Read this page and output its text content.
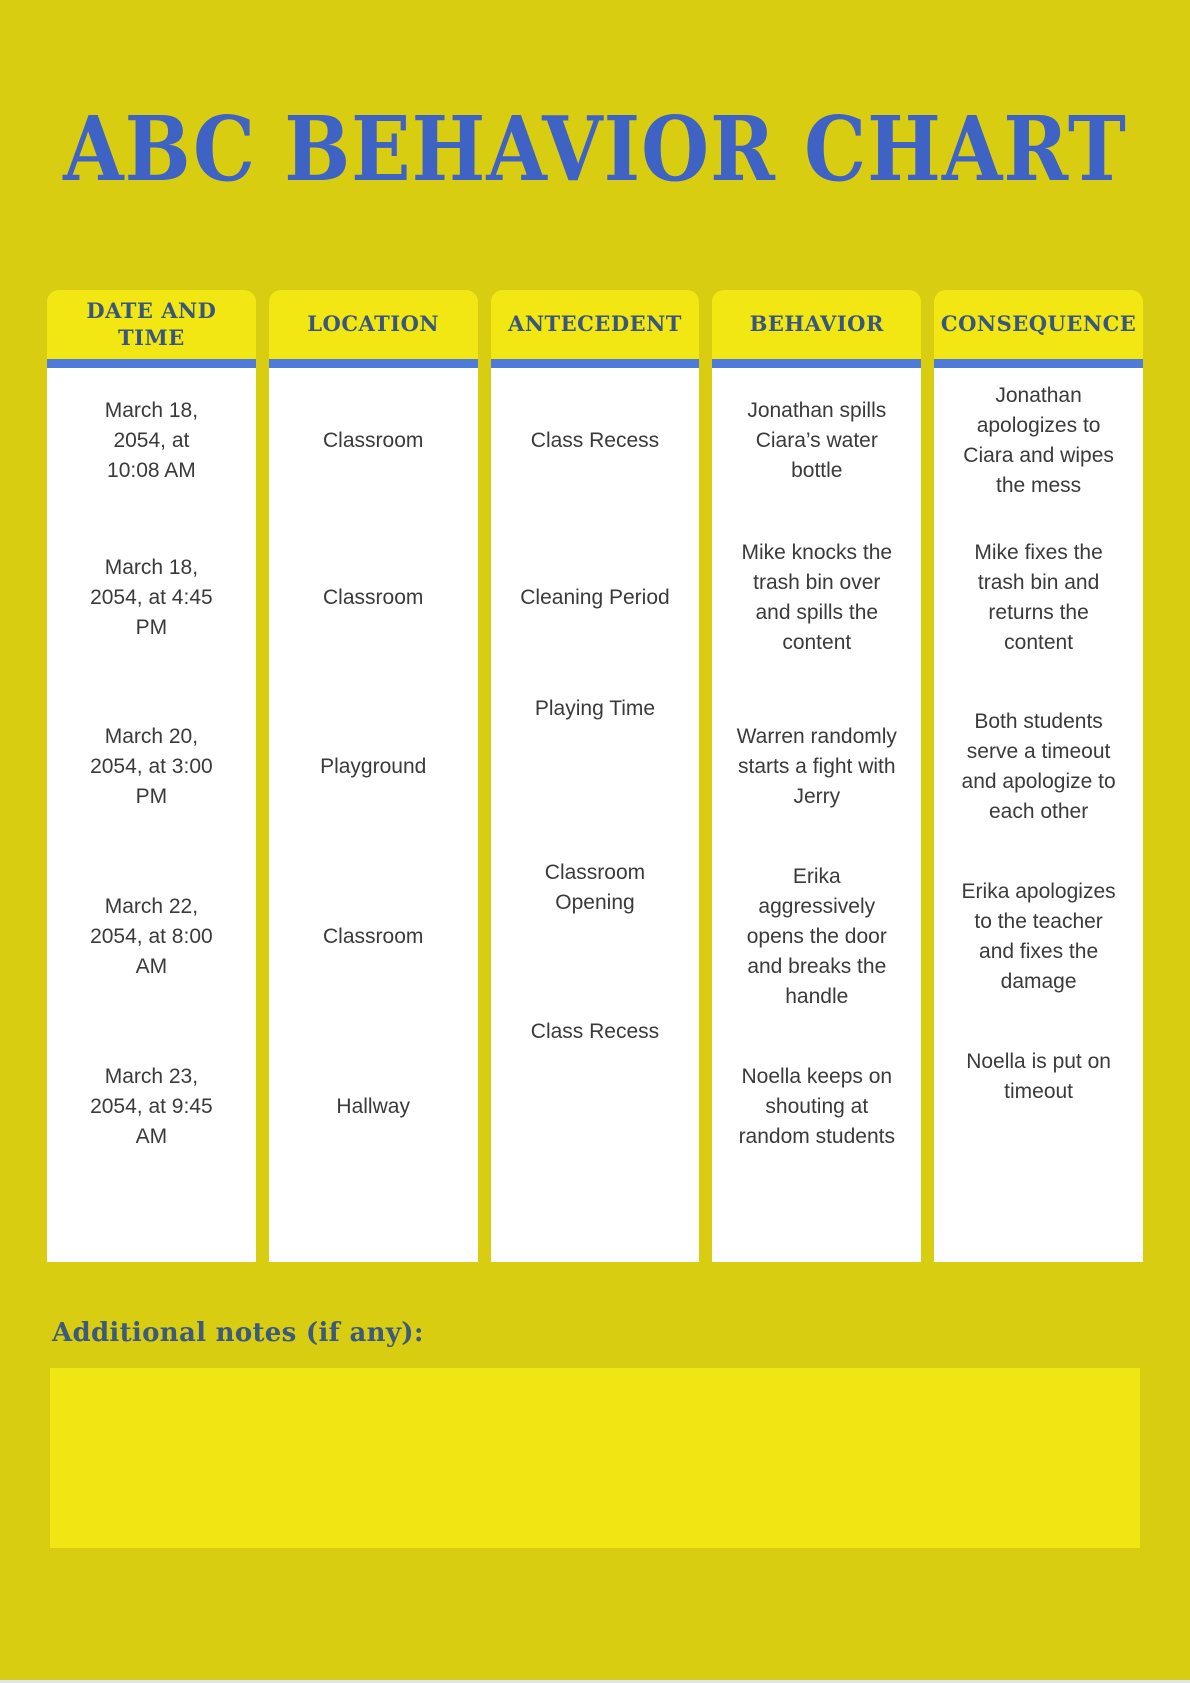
ABC BEHAVIOR CHART
DATE AND TIME
March 18, 2054, at 10:08 AM
March 18, 2054, at 4:45 PM
March 20, 2054, at 3:00 PM
March 22, 2054, at 8:00 AM
March 23, 2054, at 9:45 AM
LOCATION
Classroom
Classroom
Playground
Classroom
Hallway
ANTECEDENT
Class Recess
Cleaning Period
Playing Time
Classroom Opening
Class Recess
BEHAVIOR
Jonathan spills Ciara’s water bottle
Mike knocks the trash bin over and spills the content
Warren randomly starts a fight with Jerry
Erika aggressively opens the door and breaks the handle
Noella keeps on shouting at random students
CONSEQUENCE
Jonathan apologizes to Ciara and wipes the mess
Mike fixes the trash bin and returns the content
Both students serve a timeout and apologize to each other
Erika apologizes to the teacher and fixes the damage
Noella is put on timeout
Additional notes (if any):
